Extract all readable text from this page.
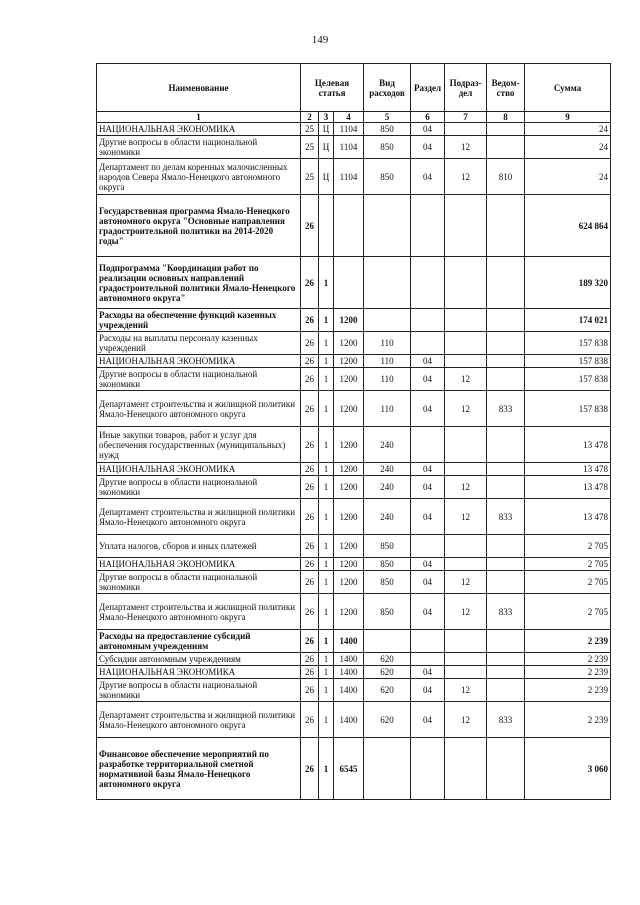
149
Наименование	Целевая статья			Вид расходов	Раздел	Подраз-дел	Ведом-ство	Сумма
1	2	3	4	5	6	7	8	9
НАЦИОНАЛЬНАЯ ЭКОНОМИКА	25	Ц	1104	850	04			24
Другие вопросы в области национальной экономики	25	Ц	1104	850	04	12		24
Департамент по делам коренных малочисленных народов Севера Ямало-Ненецкого автономного округа	25	Ц	1104	850	04	12	810	24
Государственная программа Ямало-Ненецкого автономного округа "Основные направления градостроительной политики на 2014-2020 годы"	26							624 864
Подпрограмма "Координация работ по реализации основных направлений градостроительной политики Ямало-Ненецкого автономного округа"	26	1						189 320
Расходы на обеспечение функций казенных учреждений	26	1	1200					174 021
Расходы на выплаты персоналу казенных учреждений	26	1	1200	110				157 838
НАЦИОНАЛЬНАЯ ЭКОНОМИКА	26	1	1200	110	04			157 838
Другие вопросы в области национальной экономики	26	1	1200	110	04	12		157 838
Департамент строительства и жилищной политики Ямало-Ненецкого автономного округа	26	1	1200	110	04	12	833	157 838
Иные закупки товаров, работ и услуг для обеспечения государственных (муниципальных) нужд	26	1	1200	240				13 478
НАЦИОНАЛЬНАЯ ЭКОНОМИКА	26	1	1200	240	04			13 478
Другие вопросы в области национальной экономики	26	1	1200	240	04	12		13 478
Департамент строительства и жилищной политики Ямало-Ненецкого автономного округа	26	1	1200	240	04	12	833	13 478
Уплата налогов, сборов и иных платежей	26	1	1200	850				2 705
НАЦИОНАЛЬНАЯ ЭКОНОМИКА	26	1	1200	850	04			2 705
Другие вопросы в области национальной экономики	26	1	1200	850	04	12		2 705
Департамент строительства и жилищной политики Ямало-Ненецкого автономного округа	26	1	1200	850	04	12	833	2 705
Расходы на предоставление субсидий автономным учреждениям	26	1	1400					2 239
Субсидии автономным учреждениям	26	1	1400	620				2 239
НАЦИОНАЛЬНАЯ ЭКОНОМИКА	26	1	1400	620	04			2 239
Другие вопросы в области национальной экономики	26	1	1400	620	04	12		2 239
Департамент строительства и жилищной политики Ямало-Ненецкого автономного округа	26	1	1400	620	04	12	833	2 239
Финансовое обеспечение мероприятий по разработке территориальной сметной нормативной базы Ямало-Ненецкого автономного округа	26	1	6545					3 060
